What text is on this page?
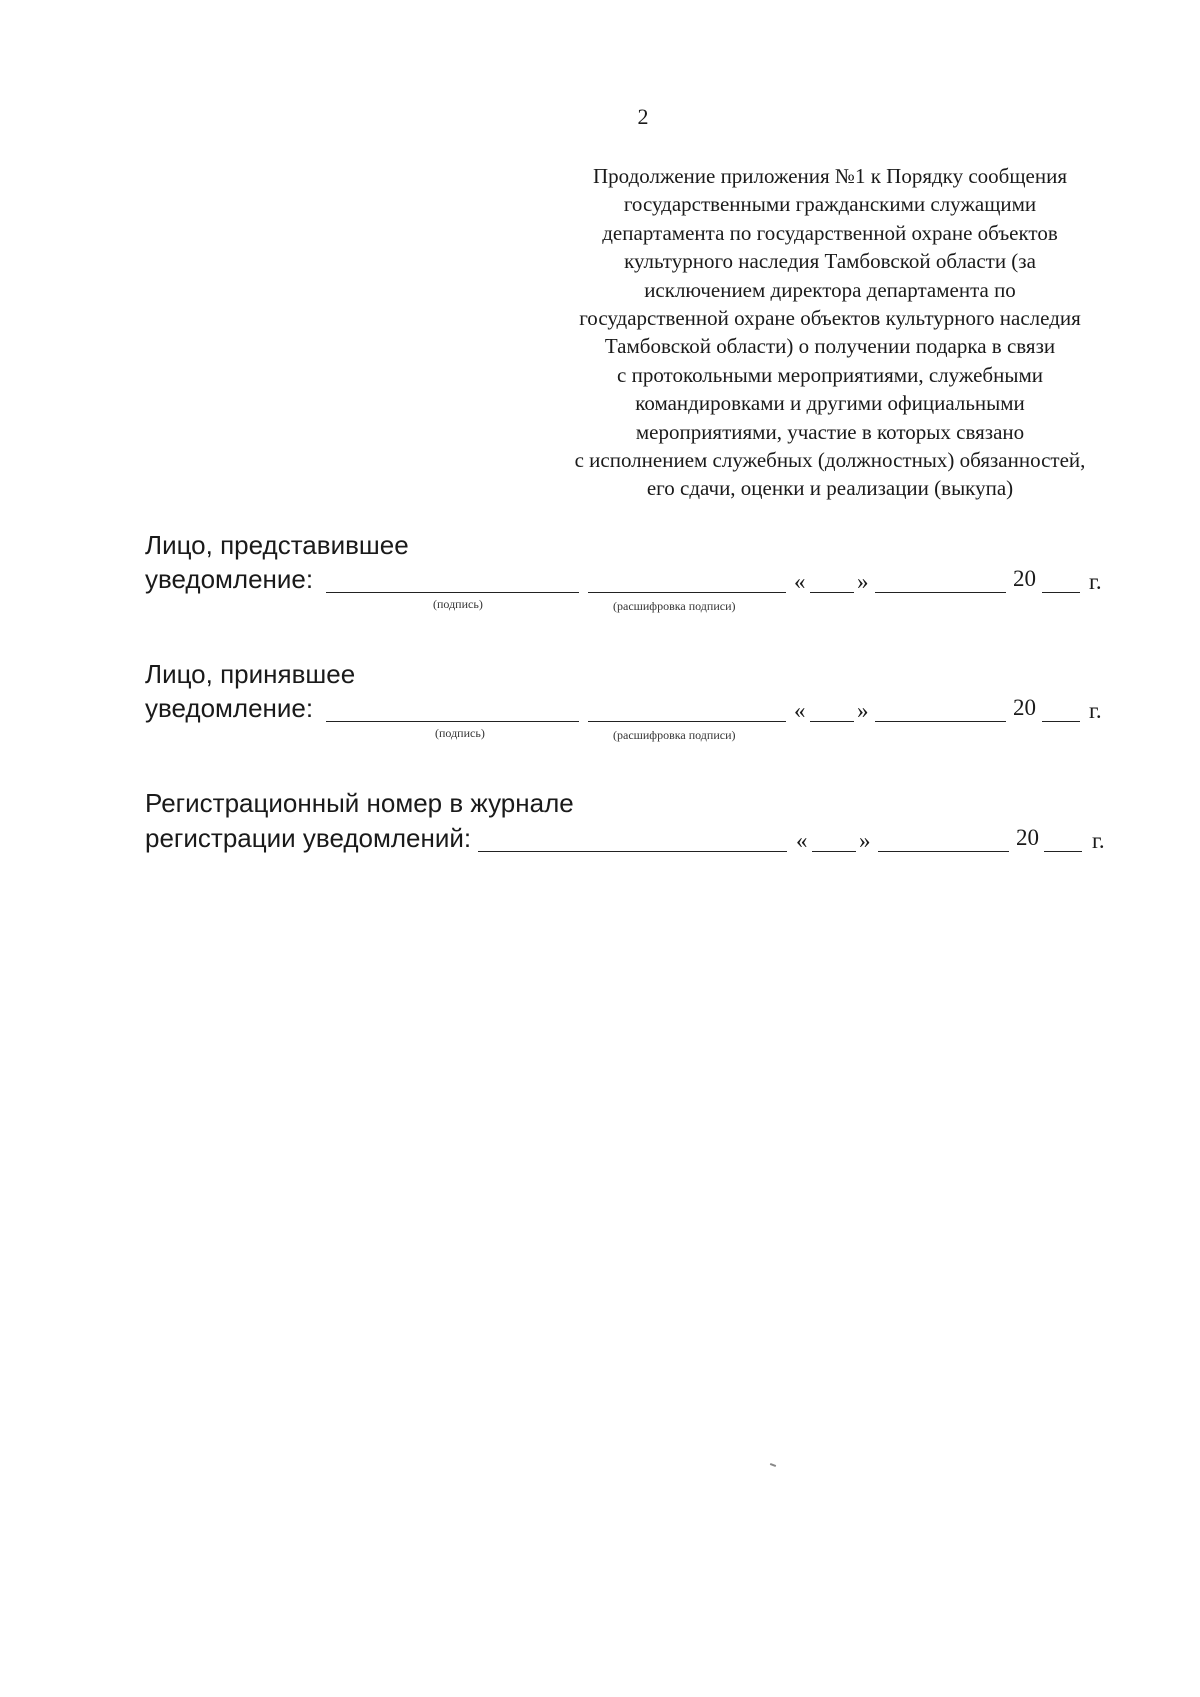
2
Продолжение приложения №1 к Порядку сообщения
государственными гражданскими служащими
департамента по государственной охране объектов
культурного наследия Тамбовской области (за
исключением директора департамента по
государственной охране объектов культурного наследия
Тамбовской области) о получении подарка в связи
с протокольными мероприятиями, служебными
командировками и другими официальными
мероприятиями, участие в которых связано
с исполнением служебных (должностных) обязанностей,
его сдачи, оценки и реализации (выкупа)
Лицо, представившее
уведомление:	« »	20 г.
(подпись)	(расшифровка подписи)
Лицо, принявшее
уведомление:	« »	20 г.
(подпись)	(расшифровка подписи)
Регистрационный номер в журнале
регистрации уведомлений:	« »	20 г.
